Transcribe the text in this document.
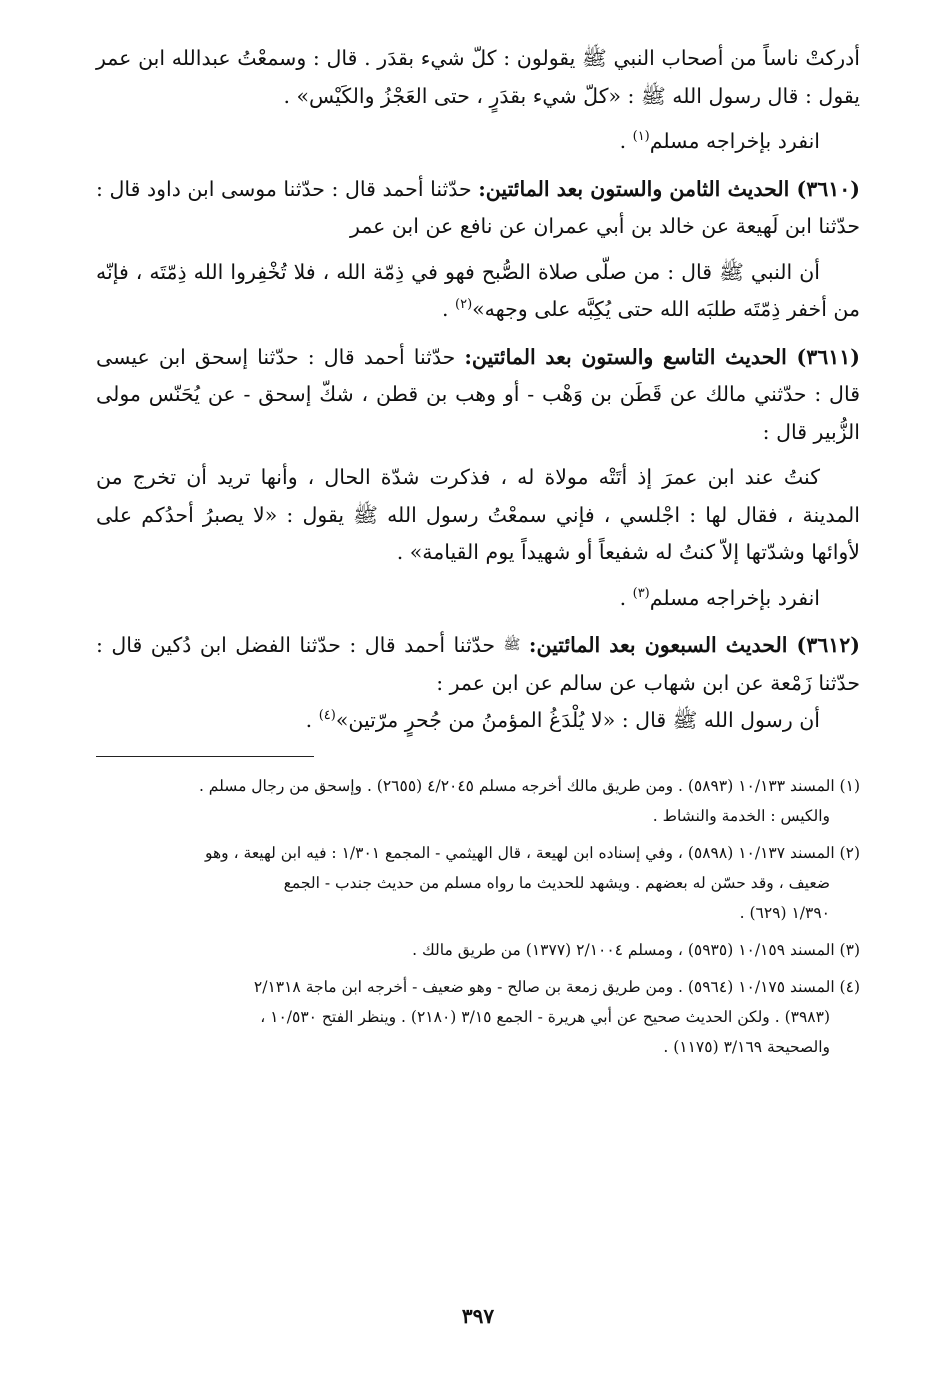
أدركتْ ناساً من أصحاب النبي ﷺ يقولون : كلّ شيء بقدَر . قال : وسمعْتُ عبدالله ابن عمر يقول : قال رسول الله ﷺ : «كلّ شيء بقدَرٍ ، حتى العَجْزُ والكَيْس» .

انفرد بإخراجه مسلم$^{(١)}$ .

(٣٦١٠) الحديث الثامن والستون بعد المائتين: حدّثنا أحمد قال : حدّثنا موسى ابن داود قال : حدّثنا ابن لَهيعة عن خالد بن أبي عمران عن نافع عن ابن عمر

أن النبي ﷺ قال : من صلّى صلاة الصُّبح فهو في ذِمّة الله ، فلا تُخْفِروا الله ذِمّتَه ، فإنّه من أخفر ذِمّتَه طلبَه الله حتى يُكِبَّه على وجهه»$^{(٢)}$ .

(٣٦١١) الحديث التاسع والستون بعد المائتين: حدّثنا أحمد قال : حدّثنا إسحق ابن عيسى قال : حدّثني مالك عن قَطَن بن وَهْب - أو وهب بن قطن ، شكّ إسحق - عن يُحَنّس مولى الزُّبير قال :

كنتُ عند ابن عمرَ إذ أتَتْه مولاة له ، فذكرت شدّة الحال ، وأنها تريد أن تخرج من المدينة ، فقال لها : اجْلسي ، فإني سمعْتُ رسول الله ﷺ يقول : «لا يصبرُ أحدُكم على لأوائها وشدّتها إلاّ كنتُ له شفيعاً أو شهيداً يوم القيامة» .

انفرد بإخراجه مسلم$^{(٣)}$ .

(٣٦١٢) الحديث السبعون بعد المائتين: ﷺ حدّثنا أحمد قال : حدّثنا الفضل ابن دُكين قال : حدّثنا زَمْعة عن ابن شهاب عن سالم عن ابن عمر :

أن رسول الله ﷺ قال : «لا يُلْدَغُ المؤمنُ من جُحرٍ مرّتين»$^{(٤)}$ .

(١) المسند ١٠/١٣٣ (٥٨٩٣) . ومن طريق مالك أخرجه مسلم ٤/٢٠٤٥ (٢٦٥٥) . وإسحق من رجال مسلم .
والكيس : الخدمة والنشاط .
(٢) المسند ١٠/١٣٧ (٥٨٩٨) ، وفي إسناده ابن لهيعة ، قال الهيثمي - المجمع ١/٣٠١ : فيه ابن لهيعة ، وهو
ضعيف ، وقد حسّن له بعضهم . ويشهد للحديث ما رواه مسلم من حديث جندب - الجمع
١/٣٩٠ (٦٢٩) .
(٣) المسند ١٠/١٥٩ (٥٩٣٥) ، ومسلم ٢/١٠٠٤ (١٣٧٧) من طريق مالك .
(٤) المسند ١٠/١٧٥ (٥٩٦٤) . ومن طريق زمعة بن صالح - وهو ضعيف - أخرجه ابن ماجة ٢/١٣١٨
(٣٩٨٣) . ولكن الحديث صحيح عن أبي هريرة - الجمع ٣/١٥ (٢١٨٠) . وينظر الفتح ١٠/٥٣٠ ،
والصحيحة ٣/١٦٩ (١١٧٥) .
٣٩٧
